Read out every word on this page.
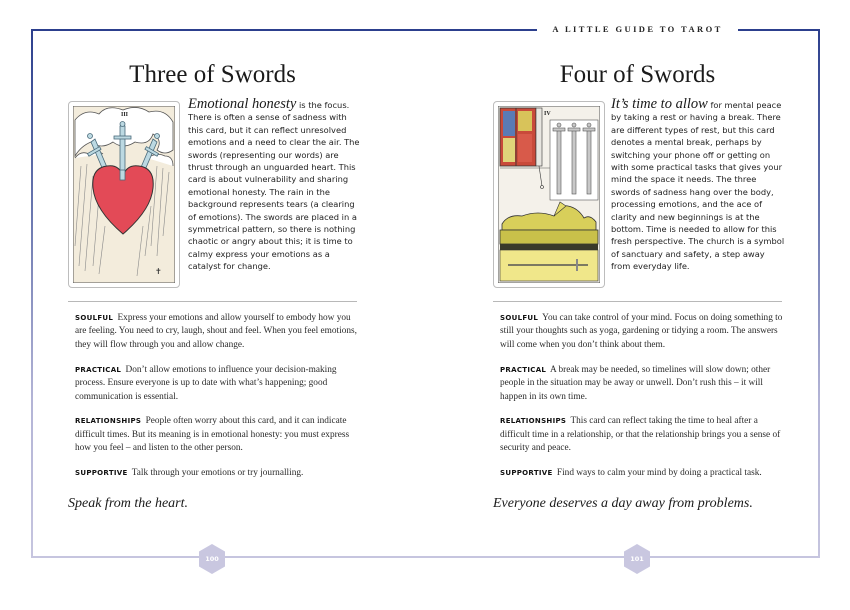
A LITTLE GUIDE TO TAROT
Three of Swords
III
✝
Emotional honesty is the focus. There is often a sense of sadness with this card, but it can reflect unresolved emotions and a need to clear the air. The swords (representing our words) are thrust through an unguarded heart. This card is about vulnerability and sharing emotional honesty. The rain in the background represents tears (a clearing of emotions). The swords are placed in a symmetrical pattern, so there is nothing chaotic or angry about this; it is time to calmy express your emotions as a catalyst for change.
SOULFUL Express your emotions and allow yourself to embody how you are feeling. You need to cry, laugh, shout and feel. When you feel emotions, they will flow through you and allow change.
PRACTICAL Don’t allow emotions to influence your decision-making process. Ensure everyone is up to date with what’s happening; good communication is essential.
RELATIONSHIPS People often worry about this card, and it can indicate difficult times. But its meaning is in emotional honesty: you must express how you feel – and listen to the other person.
SUPPORTIVE Talk through your emotions or try journalling.
Speak from the heart.
100
Four of Swords
IV
It’s time to allow for mental peace by taking a rest or having a break. There are different types of rest, but this card denotes a mental break, perhaps by switching your phone off or getting on with some practical tasks that gives your mind the space it needs. The three swords of sadness hang over the body, processing emotions, and the ace of clarity and new beginnings is at the bottom. Time is needed to allow for this fresh perspective. The church is a symbol of sanctuary and safety, a step away from everyday life.
SOULFUL You can take control of your mind. Focus on doing something to still your thoughts such as yoga, gardening or tidying a room. The answers will come when you don’t think about them.
PRACTICAL A break may be needed, so timelines will slow down; other people in the situation may be away or unwell. Don’t rush this – it will happen in its own time.
RELATIONSHIPS This card can reflect taking the time to heal after a difficult time in a relationship, or that the relationship brings you a sense of security and peace.
SUPPORTIVE Find ways to calm your mind by doing a practical task.
Everyone deserves a day away from problems.
101
